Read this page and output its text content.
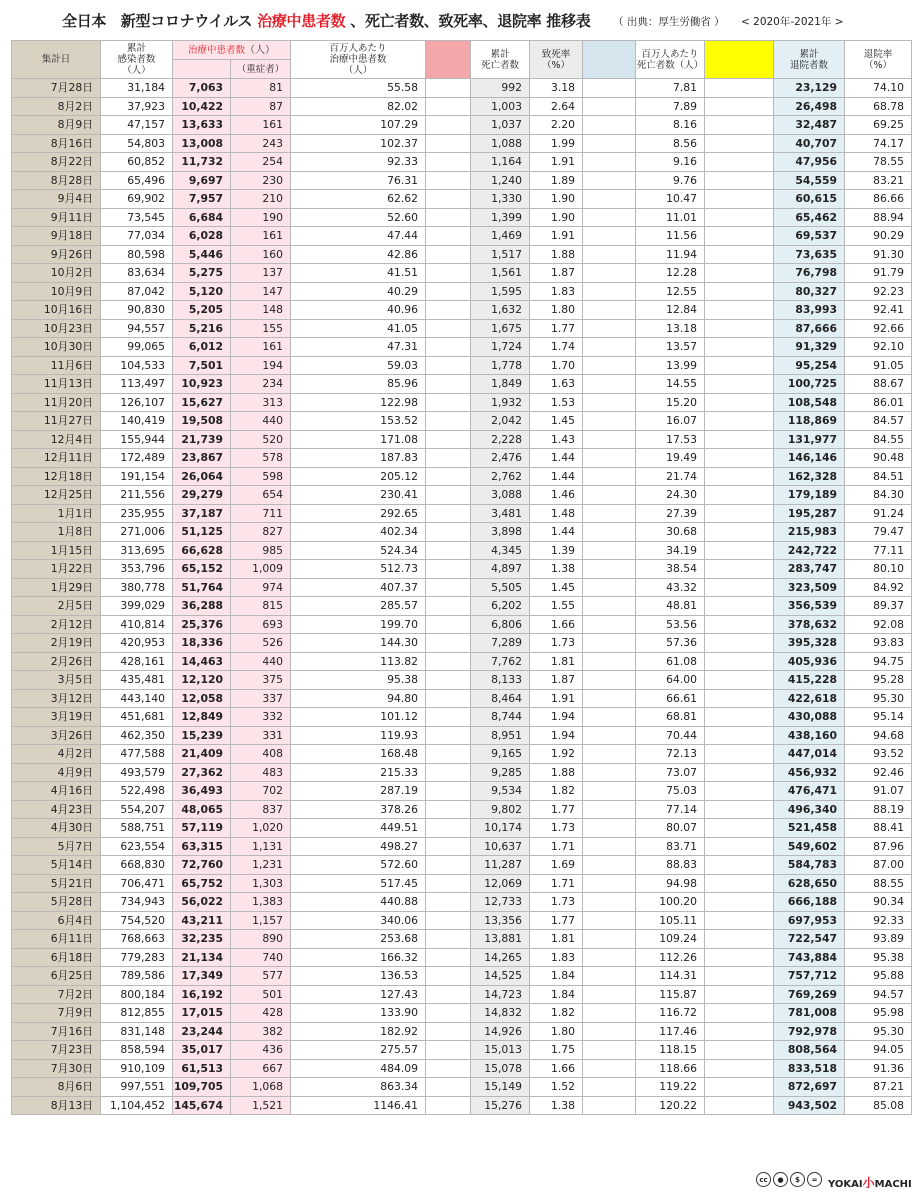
全日本　新型コロナウイルス 治療中患者数 、死亡者数、致死率、退院率 推移表 （ 出典：厚生労働省 ） < 2020年-2021年 >
集計日	累計
感染者数
（人）	治療中患者数（人）		百万人あたり
治療中患者数
（人）		累計
死亡者数	致死率
（%）		百万人あたり
死亡者数（人）		累計
退院者数	退院率
（%）
			（重症者）									
7月28日	31,184	7,063	81	55.58		992	3.18		7.81		23,129	74.10
8月2日	37,923	10,422	87	82.02		1,003	2.64		7.89		26,498	68.78
8月9日	47,157	13,633	161	107.29		1,037	2.20		8.16		32,487	69.25
8月16日	54,803	13,008	243	102.37		1,088	1.99		8.56		40,707	74.17
8月22日	60,852	11,732	254	92.33		1,164	1.91		9.16		47,956	78.55
8月28日	65,496	9,697	230	76.31		1,240	1.89		9.76		54,559	83.21
9月4日	69,902	7,957	210	62.62		1,330	1.90		10.47		60,615	86.66
9月11日	73,545	6,684	190	52.60		1,399	1.90		11.01		65,462	88.94
9月18日	77,034	6,028	161	47.44		1,469	1.91		11.56		69,537	90.29
9月26日	80,598	5,446	160	42.86		1,517	1.88		11.94		73,635	91.30
10月2日	83,634	5,275	137	41.51		1,561	1.87		12.28		76,798	91.79
10月9日	87,042	5,120	147	40.29		1,595	1.83		12.55		80,327	92.23
10月16日	90,830	5,205	148	40.96		1,632	1.80		12.84		83,993	92.41
10月23日	94,557	5,216	155	41.05		1,675	1.77		13.18		87,666	92.66
10月30日	99,065	6,012	161	47.31		1,724	1.74		13.57		91,329	92.10
11月6日	104,533	7,501	194	59.03		1,778	1.70		13.99		95,254	91.05
11月13日	113,497	10,923	234	85.96		1,849	1.63		14.55		100,725	88.67
11月20日	126,107	15,627	313	122.98		1,932	1.53		15.20		108,548	86.01
11月27日	140,419	19,508	440	153.52		2,042	1.45		16.07		118,869	84.57
12月4日	155,944	21,739	520	171.08		2,228	1.43		17.53		131,977	84.55
12月11日	172,489	23,867	578	187.83		2,476	1.44		19.49		146,146	90.48
12月18日	191,154	26,064	598	205.12		2,762	1.44		21.74		162,328	84.51
12月25日	211,556	29,279	654	230.41		3,088	1.46		24.30		179,189	84.30
1月1日	235,955	37,187	711	292.65		3,481	1.48		27.39		195,287	91.24
1月8日	271,006	51,125	827	402.34		3,898	1.44		30.68		215,983	79.47
1月15日	313,695	66,628	985	524.34		4,345	1.39		34.19		242,722	77.11
1月22日	353,796	65,152	1,009	512.73		4,897	1.38		38.54		283,747	80.10
1月29日	380,778	51,764	974	407.37		5,505	1.45		43.32		323,509	84.92
2月5日	399,029	36,288	815	285.57		6,202	1.55		48.81		356,539	89.37
2月12日	410,814	25,376	693	199.70		6,806	1.66		53.56		378,632	92.08
2月19日	420,953	18,336	526	144.30		7,289	1.73		57.36		395,328	93.83
2月26日	428,161	14,463	440	113.82		7,762	1.81		61.08		405,936	94.75
3月5日	435,481	12,120	375	95.38		8,133	1.87		64.00		415,228	95.28
3月12日	443,140	12,058	337	94.80		8,464	1.91		66.61		422,618	95.30
3月19日	451,681	12,849	332	101.12		8,744	1.94		68.81		430,088	95.14
3月26日	462,350	15,239	331	119.93		8,951	1.94		70.44		438,160	94.68
4月2日	477,588	21,409	408	168.48		9,165	1.92		72.13		447,014	93.52
4月9日	493,579	27,362	483	215.33		9,285	1.88		73.07		456,932	92.46
4月16日	522,498	36,493	702	287.19		9,534	1.82		75.03		476,471	91.07
4月23日	554,207	48,065	837	378.26		9,802	1.77		77.14		496,340	88.19
4月30日	588,751	57,119	1,020	449.51		10,174	1.73		80.07		521,458	88.41
5月7日	623,554	63,315	1,131	498.27		10,637	1.71		83.71		549,602	87.96
5月14日	668,830	72,760	1,231	572.60		11,287	1.69		88.83		584,783	87.00
5月21日	706,471	65,752	1,303	517.45		12,069	1.71		94.98		628,650	88.55
5月28日	734,943	56,022	1,383	440.88		12,733	1.73		100.20		666,188	90.34
6月4日	754,520	43,211	1,157	340.06		13,356	1.77		105.11		697,953	92.33
6月11日	768,663	32,235	890	253.68		13,881	1.81		109.24		722,547	93.89
6月18日	779,283	21,134	740	166.32		14,265	1.83		112.26		743,884	95.38
6月25日	789,586	17,349	577	136.53		14,525	1.84		114.31		757,712	95.88
7月2日	800,184	16,192	501	127.43		14,723	1.84		115.87		769,269	94.57
7月9日	812,855	17,015	428	133.90		14,832	1.82		116.72		781,008	95.98
7月16日	831,148	23,244	382	182.92		14,926	1.80		117.46		792,978	95.30
7月23日	858,594	35,017	436	275.57		15,013	1.75		118.15		808,564	94.05
7月30日	910,109	61,513	667	484.09		15,078	1.66		118.66		833,518	91.36
8月6日	997,551	109,705	1,068	863.34		15,149	1.52		119.22		872,697	87.21
8月13日	1,104,452	145,674	1,521	1146.41		15,276	1.38		120.22		943,502	85.08
cc	●	$	=	YOKAI小MACHI
